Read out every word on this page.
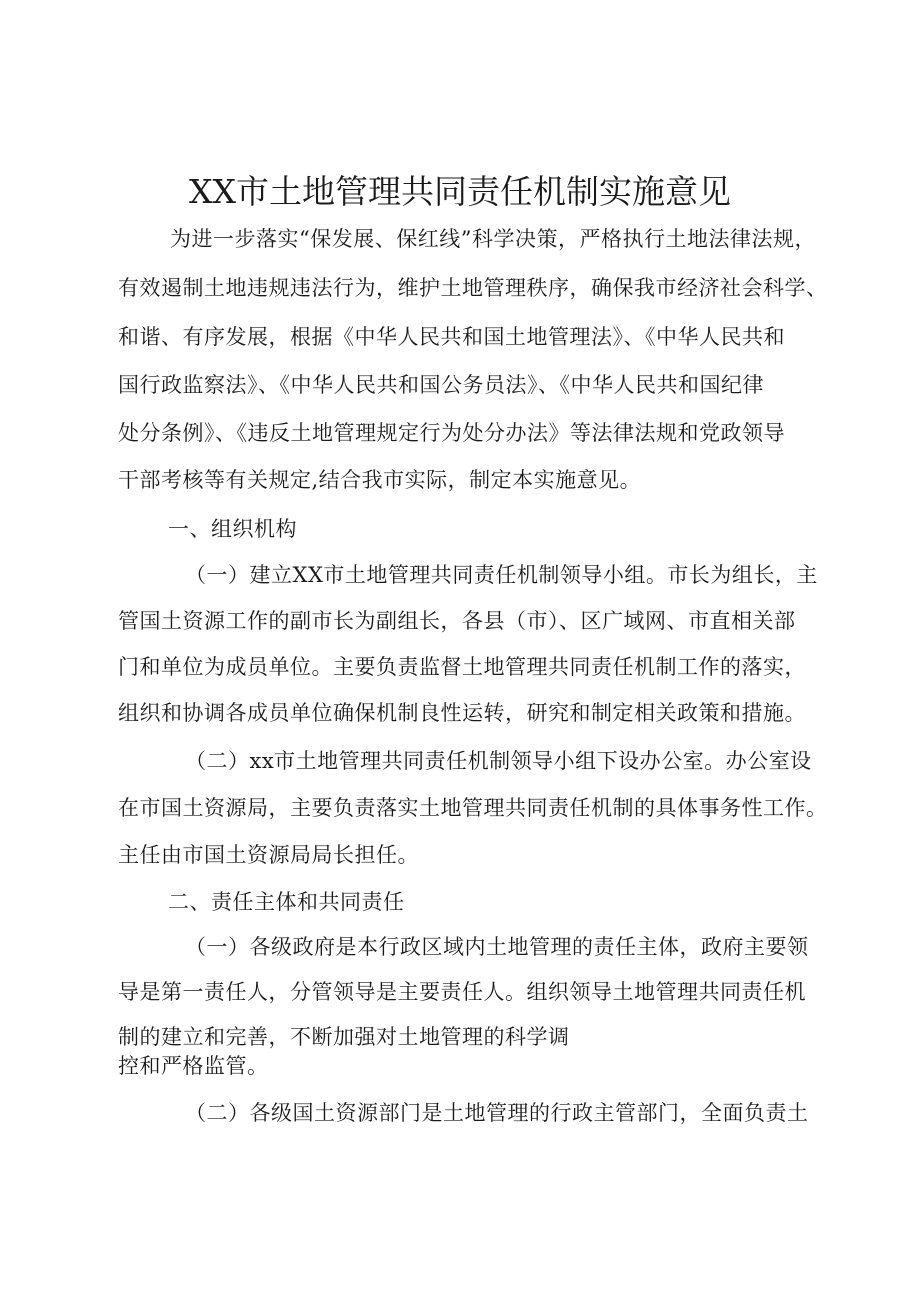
XX市土地管理共同责任机制实施意见
为进一步落实“保发展、保红线”科学决策，严格执行土地法律法规，
有效遏制土地违规违法行为，维护土地管理秩序，确保我市经济社会科学、
和谐、有序发展，根据《中华人民共和国土地管理法》、《中华人民共和
国行政监察法》、《中华人民共和国公务员法》、《中华人民共和国纪律
处分条例》、《违反土地管理规定行为处分办法》等法律法规和党政领导
干部考核等有关规定,结合我市实际，制定本实施意见。
一、组织机构
（一）建立XX市土地管理共同责任机制领导小组。市长为组长，主
管国土资源工作的副市长为副组长，各县（市）、区广域网、市直相关部
门和单位为成员单位。主要负责监督土地管理共同责任机制工作的落实，
组织和协调各成员单位确保机制良性运转，研究和制定相关政策和措施。
（二）xx市土地管理共同责任机制领导小组下设办公室。办公室设
在市国土资源局，主要负责落实土地管理共同责任机制的具体事务性工作。
主任由市国土资源局局长担任。
二、责任主体和共同责任
（一）各级政府是本行政区域内土地管理的责任主体，政府主要领
导是第一责任人，分管领导是主要责任人。组织领导土地管理共同责任机
制的建立和完善，不断加强对土地管理的科学调
控和严格监管。
（二）各级国土资源部门是土地管理的行政主管部门，全面负责土
